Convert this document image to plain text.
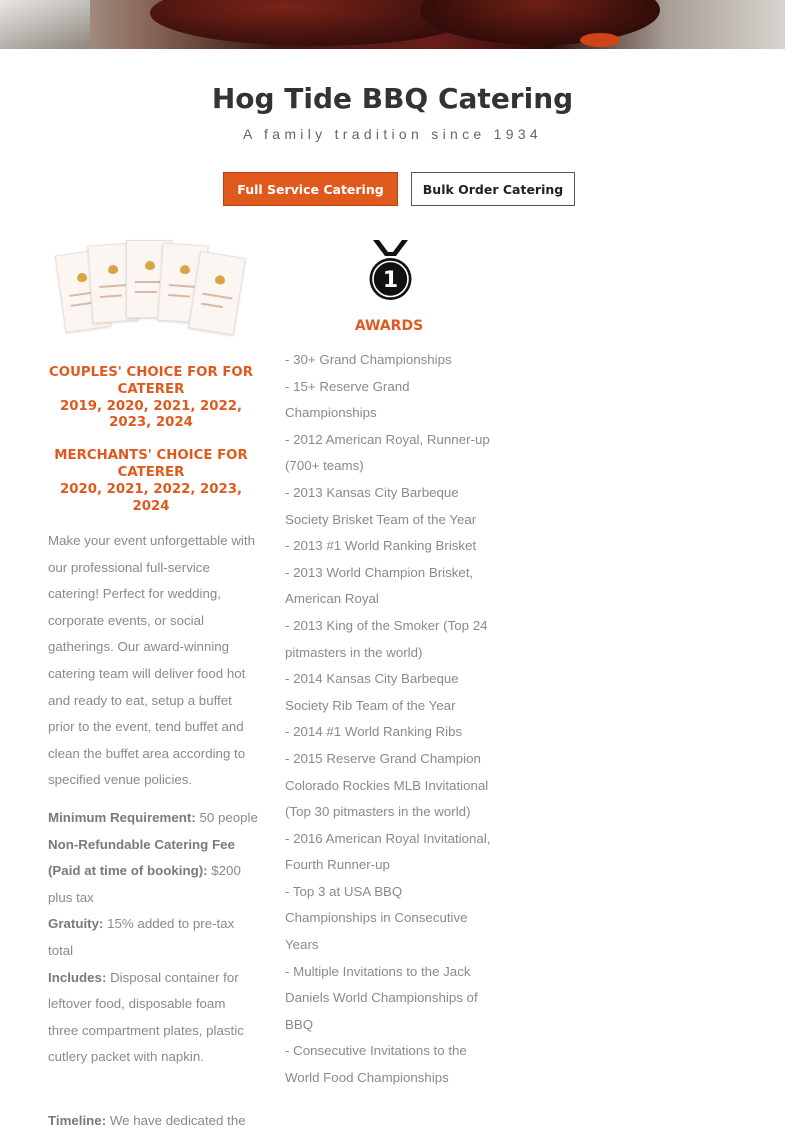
Hog Tide BBQ Catering
A family tradition since 1934
Full Service Catering	Bulk Order Catering
COUPLES' CHOICE FOR FOR CATERER
2019, 2020, 2021, 2022, 2023, 2024
MERCHANTS' CHOICE FOR CATERER
2020, 2021, 2022, 2023, 2024

Make your event unforgettable with our professional full-service catering! Perfect for wedding, corporate events, or social gatherings. Our award-winning catering team will deliver food hot and ready to eat, setup a buffet prior to the event, tend buffet and clean the buffet area according to specified venue policies.

Minimum Requirement: 50 people
Non-Refundable Catering Fee (Paid at time of booking): $200 plus tax
Gratuity: 15% added to pre-tax total
Includes: Disposal container for leftover food, disposable foam three compartment plates, plastic cutlery packet with napkin.
Timeline: We have dedicated the
1
AWARDS
- 30+ Grand Championships
- 15+ Reserve Grand Championships
- 2012 American Royal, Runner-up (700+ teams)
- 2013 Kansas City Barbeque Society Brisket Team of the Year
- 2013 #1 World Ranking Brisket
- 2013 World Champion Brisket, American Royal
- 2013 King of the Smoker (Top 24 pitmasters in the world)
- 2014 Kansas City Barbeque Society Rib Team of the Year
- 2014 #1 World Ranking Ribs
- 2015 Reserve Grand Champion Colorado Rockies MLB Invitational (Top 30 pitmasters in the world)
- 2016 American Royal Invitational, Fourth Runner-up
- Top 3 at USA BBQ Championships in Consecutive Years
- Multiple Invitations to the Jack Daniels World Championships of BBQ
- Consecutive Invitations to the World Food Championships
